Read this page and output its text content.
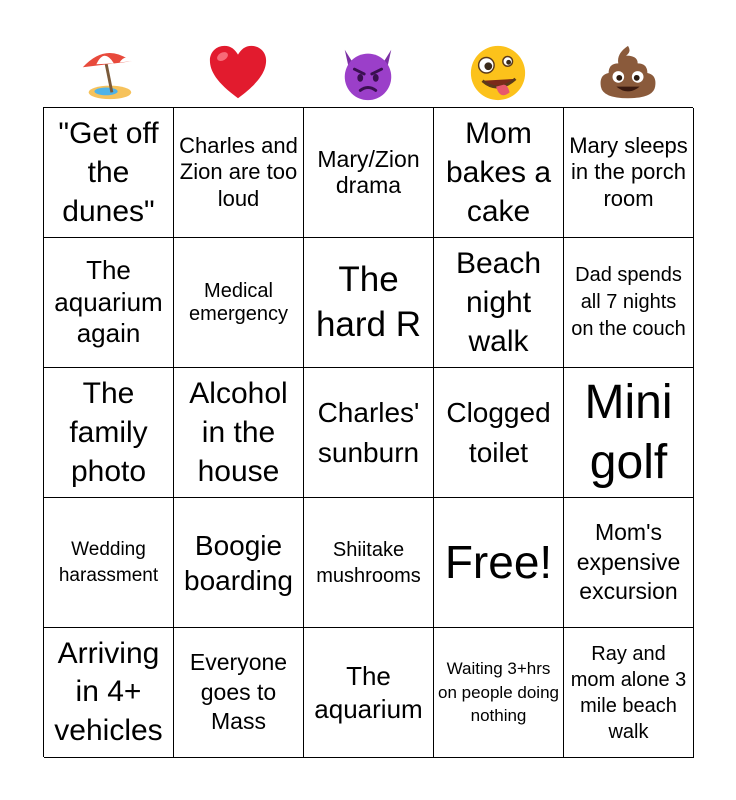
"Get off the dunes"
Charles and Zion are too loud
Mary/Zion drama
Mom bakes a cake
Mary sleeps in the porch room
The aquarium again
Medical emergency
The hard R
Beach night walk
Dad spends all 7 nights on the couch
The family photo
Alcohol in the house
Charles' sunburn
Clogged toilet
Mini golf
Wedding harassment
Boogie boarding
Shiitake mushrooms Free!
Mom's expensive excursion
Arriving in 4+ vehicles
Everyone goes to Mass
The aquarium
Waiting 3+hrs on people doing nothing
Ray and mom alone 3 mile beach walk
